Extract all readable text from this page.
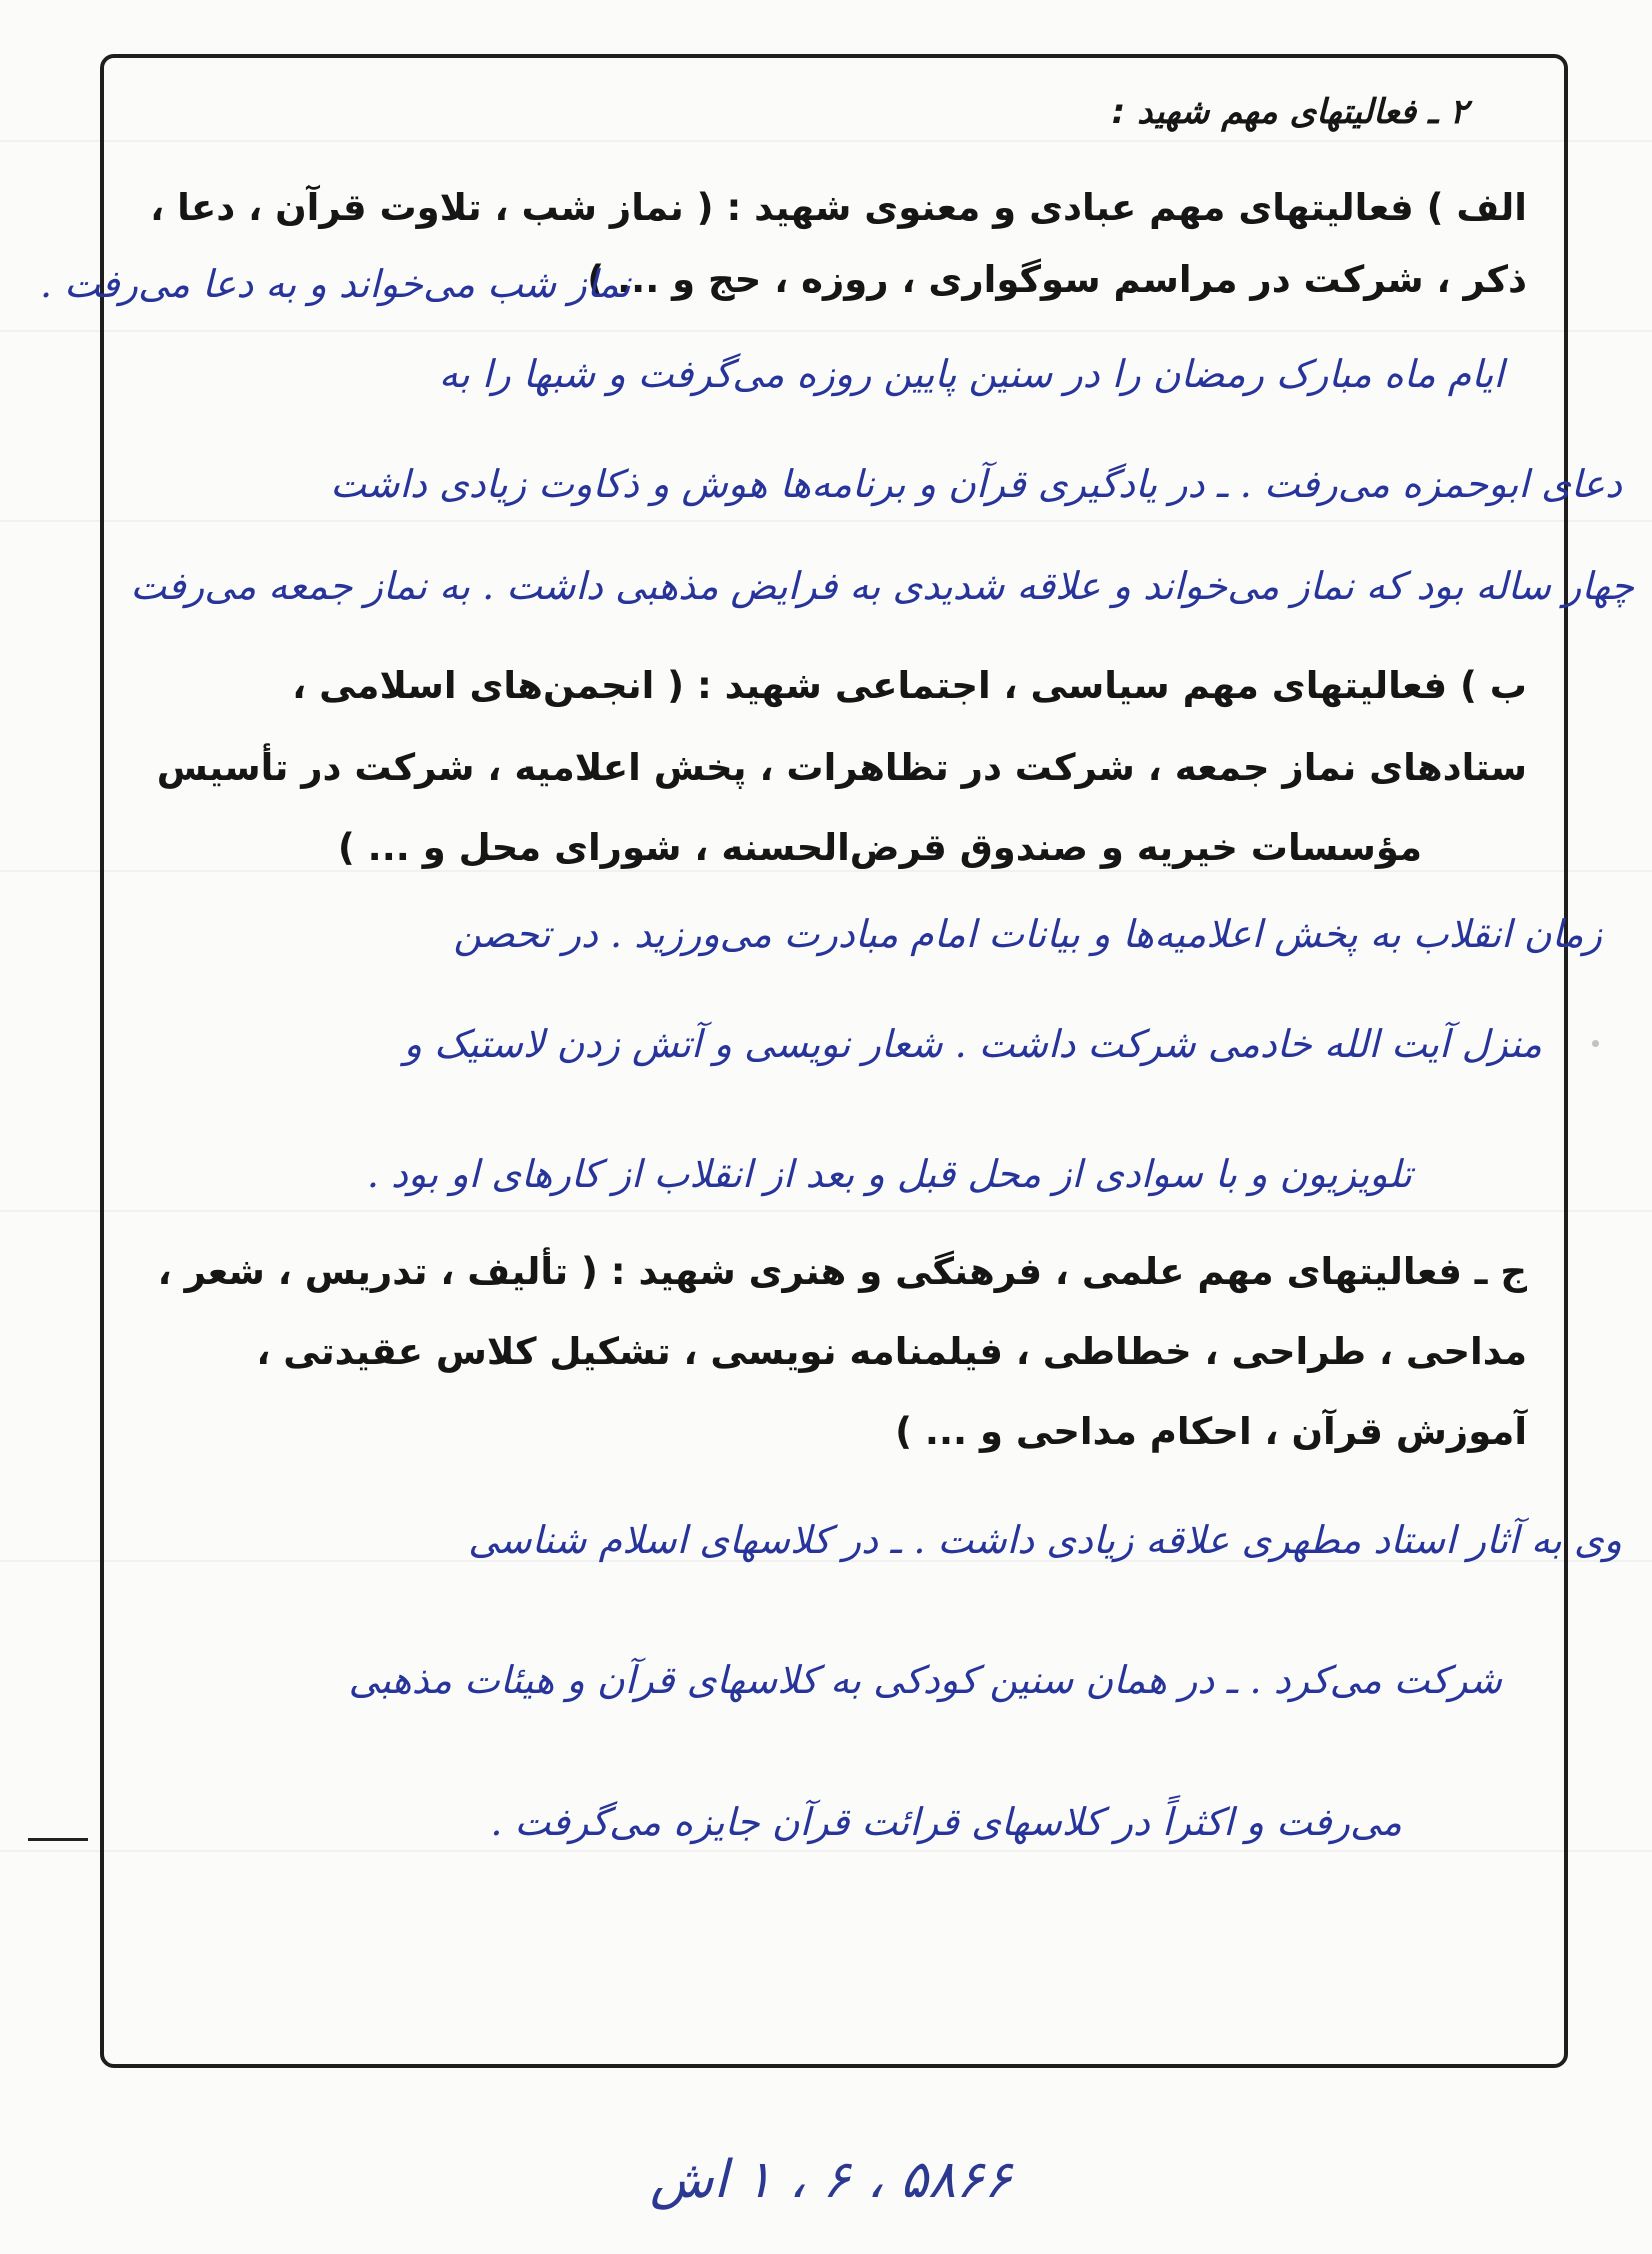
۲ ـ فعالیتهای مهم شهید :
الف ) فعالیتهای مهم عبادی و معنوی شهید : ( نماز شب ، تلاوت قرآن ، دعا ،
ذکر ، شرکت در مراسم سوگواری ، روزه ، حج و ... )
نماز شب می‌خواند و به دعا می‌رفت .
ایام ماه مبارک رمضان را در سنین پایین روزه می‌گرفت و شبها را به
دعای ابوحمزه می‌رفت . ـ در یادگیری قرآن و برنامه‌ها هوش و ذکاوت زیادی داشت
چهار ساله بود که نماز می‌خواند و علاقه شدیدی به فرایض مذهبی داشت . به نماز جمعه می‌رفت
ب ) فعالیتهای مهم سیاسی ، اجتماعی شهید : ( انجمن‌های اسلامی ،
ستادهای نماز جمعه ، شرکت در تظاهرات ، پخش اعلامیه ، شرکت در تأسیس
مؤسسات خیریه و صندوق قرض‌الحسنه ، شورای محل و ... )
زمان انقلاب به پخش اعلامیه‌ها و بیانات امام مبادرت می‌ورزید . در تحصن
منزل آیت الله خادمی شرکت داشت . شعار نویسی و آتش زدن لاستیک و
تلویزیون و با سوادی از محل قبل و بعد از انقلاب از کارهای او بود .
ج ـ فعالیتهای مهم علمی ، فرهنگی و هنری شهید : ( تألیف ، تدریس ، شعر ،
مداحی ، طراحی ، خطاطی ، فیلمنامه نویسی ، تشکیل کلاس عقیدتی ،
آموزش قرآن ، احکام مداحی و ... )
وی به آثار استاد مطهری علاقه زیادی داشت . ـ در کلاسهای اسلام شناسی
شرکت می‌کرد . ـ در همان سنین کودکی به کلاسهای قرآن و هیئات مذهبی
می‌رفت و اکثراً در کلاسهای قرائت قرآن جایزه می‌گرفت .
۵۸۶۶ ، ۶ ، ۱ اش
